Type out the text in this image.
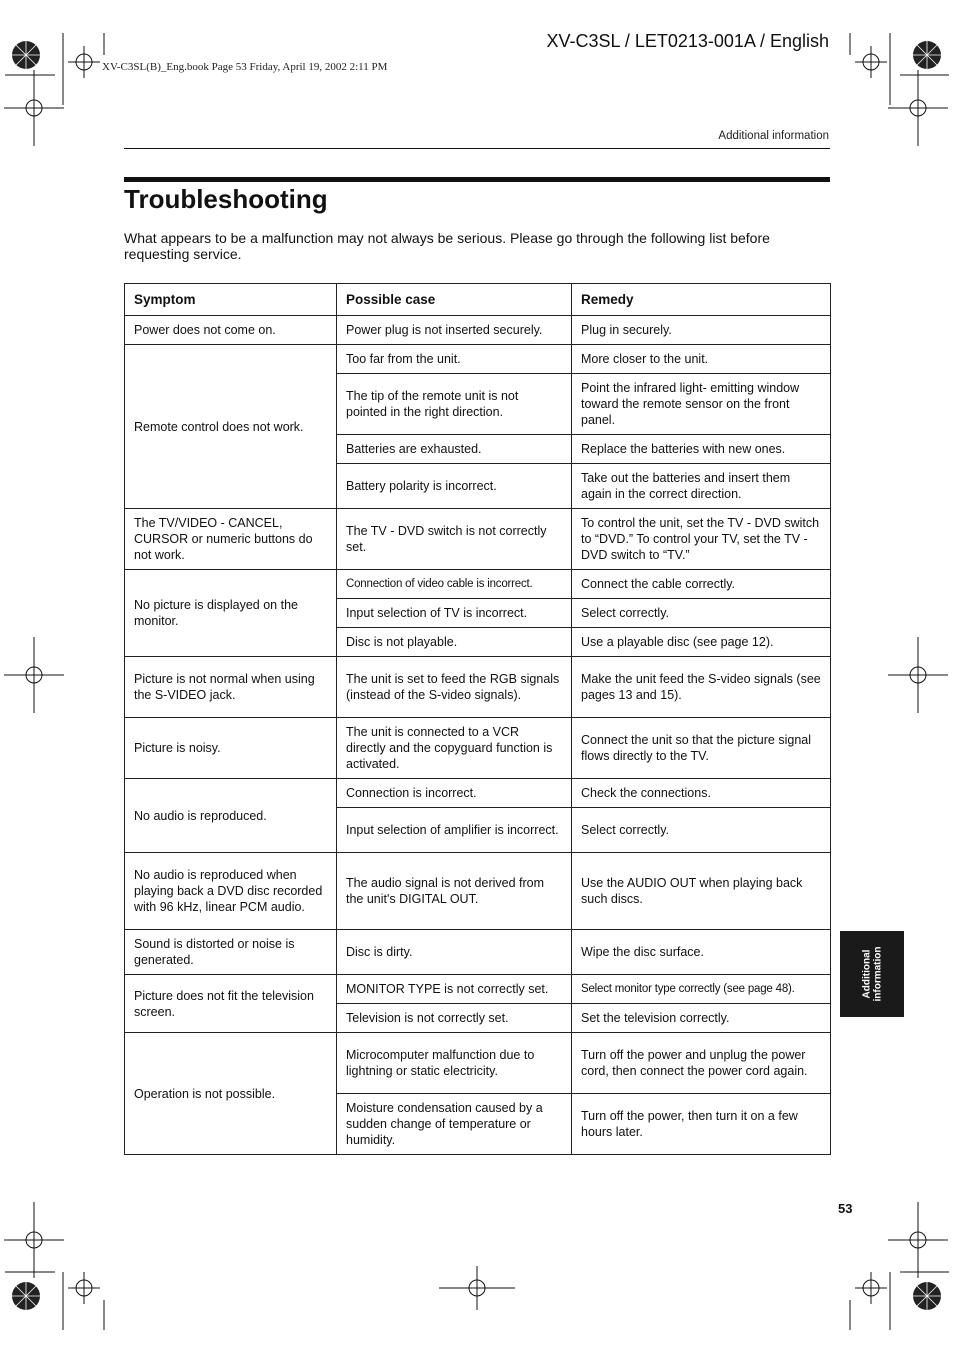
XV-C3SL(B)_Eng.book Page 53 Friday, April 19, 2002 2:11 PM
XV-C3SL / LET0213-001A / English
Additional information
Troubleshooting

What appears to be a malfunction may not always be serious. Please go through the following list before requesting service.

Symptom	Possible case	Remedy
Power does not come on.	Power plug is not inserted securely.	Plug in securely.
Remote control does not work.	Too far from the unit.	More closer to the unit.
	The tip of the remote unit is not pointed in the right direction.	Point the infrared light- emitting window toward the remote sensor on the front panel.
	Batteries are exhausted.	Replace the batteries with new ones.
	Battery polarity is incorrect.	Take out the batteries and insert them again in the correct direction.
The TV/VIDEO - CANCEL, CURSOR or numeric buttons do not work.	The TV - DVD switch is not correctly set.	To control the unit, set the TV - DVD switch to “DVD.” To control your TV, set the TV - DVD switch to “TV.”
No picture is displayed on the monitor.	Connection of video cable is incorrect.	Connect the cable correctly.
	Input selection of TV is incorrect.	Select correctly.
	Disc is not playable.	Use a playable disc (see page 12).
Picture is not normal when using the S-VIDEO jack.	The unit is set to feed the RGB signals (instead of the S-video signals).	Make the unit feed the S-video signals (see pages 13 and 15).
Picture is noisy.	The unit is connected to a VCR directly and the copyguard function is activated.	Connect the unit so that the picture signal flows directly to the TV.
No audio is reproduced.	Connection is incorrect.	Check the connections.
	Input selection of amplifier is incorrect.	Select correctly.
No audio is reproduced when playing back a DVD disc recorded with 96 kHz, linear PCM audio.	The audio signal is not derived from the unit's DIGITAL OUT.	Use the AUDIO OUT when playing back such discs.
Sound is distorted or noise is generated.	Disc is dirty.	Wipe the disc surface.
Picture does not fit the television screen.	MONITOR TYPE is not correctly set.	Select monitor type correctly (see page 48).
	Television is not correctly set.	Set the television correctly.
Operation is not possible.	Microcomputer malfunction due to lightning or static electricity.	Turn off the power and unplug the power cord, then connect the power cord again.
	Moisture condensation caused by a sudden change of temperature or humidity.	Turn off the power, then turn it on a few hours later.
Additional
information
53
